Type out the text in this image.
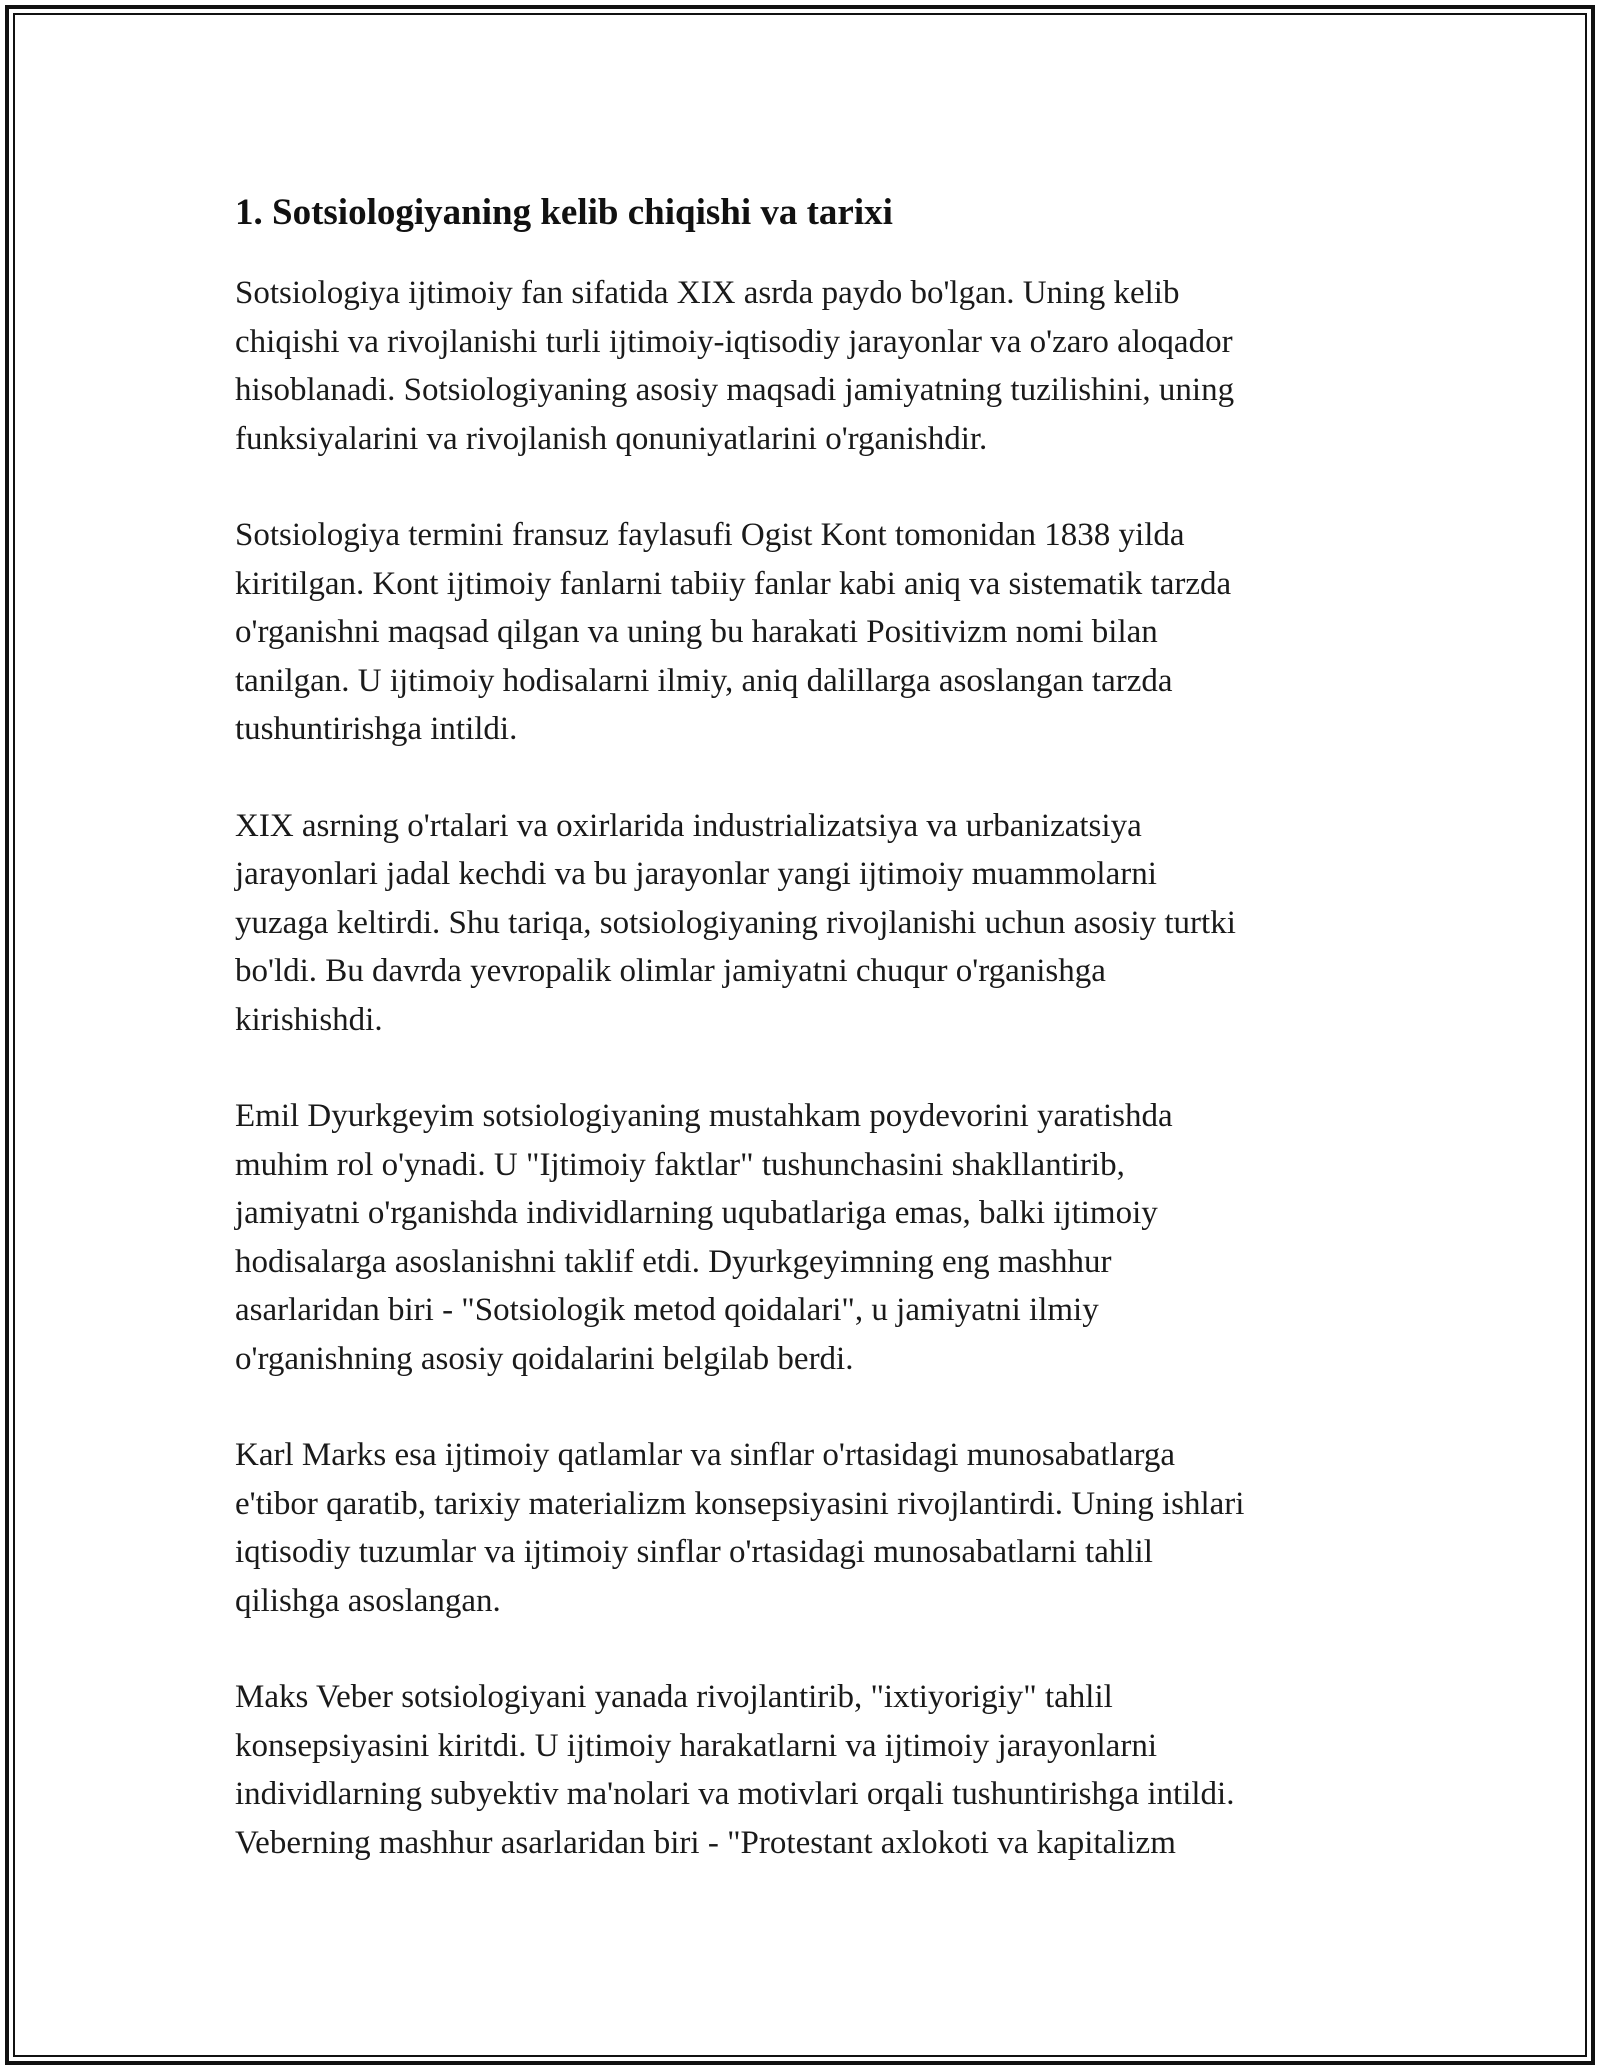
1. Sotsiologiyaning kelib chiqishi va tarixi

Sotsiologiya ijtimoiy fan sifatida XIX asrda paydo bo'lgan. Uning kelib
chiqishi va rivojlanishi turli ijtimoiy-iqtisodiy jarayonlar va o'zaro aloqador
hisoblanadi. Sotsiologiyaning asosiy maqsadi jamiyatning tuzilishini, uning
funksiyalarini va rivojlanish qonuniyatlarini o'rganishdir.

Sotsiologiya termini fransuz faylasufi Ogist Kont tomonidan 1838 yilda
kiritilgan. Kont ijtimoiy fanlarni tabiiy fanlar kabi aniq va sistematik tarzda
o'rganishni maqsad qilgan va uning bu harakati Positivizm nomi bilan
tanilgan. U ijtimoiy hodisalarni ilmiy, aniq dalillarga asoslangan tarzda
tushuntirishga intildi.

XIX asrning o'rtalari va oxirlarida industrializatsiya va urbanizatsiya
jarayonlari jadal kechdi va bu jarayonlar yangi ijtimoiy muammolarni
yuzaga keltirdi. Shu tariqa, sotsiologiyaning rivojlanishi uchun asosiy turtki
bo'ldi. Bu davrda yevropalik olimlar jamiyatni chuqur o'rganishga
kirishishdi.

Emil Dyurkgeyim sotsiologiyaning mustahkam poydevorini yaratishda
muhim rol o'ynadi. U "Ijtimoiy faktlar" tushunchasini shakllantirib,
jamiyatni o'rganishda individlarning uqubatlariga emas, balki ijtimoiy
hodisalarga asoslanishni taklif etdi. Dyurkgeyimning eng mashhur
asarlaridan biri - "Sotsiologik metod qoidalari", u jamiyatni ilmiy
o'rganishning asosiy qoidalarini belgilab berdi.

Karl Marks esa ijtimoiy qatlamlar va sinflar o'rtasidagi munosabatlarga
e'tibor qaratib, tarixiy materializm konsepsiyasini rivojlantirdi. Uning ishlari
iqtisodiy tuzumlar va ijtimoiy sinflar o'rtasidagi munosabatlarni tahlil
qilishga asoslangan.

Maks Veber sotsiologiyani yanada rivojlantirib, "ixtiyorigiy" tahlil
konsepsiyasini kiritdi. U ijtimoiy harakatlarni va ijtimoiy jarayonlarni
individlarning subyektiv ma'nolari va motivlari orqali tushuntirishga intildi.
Veberning mashhur asarlaridan biri - "Protestant axlokoti va kapitalizm
